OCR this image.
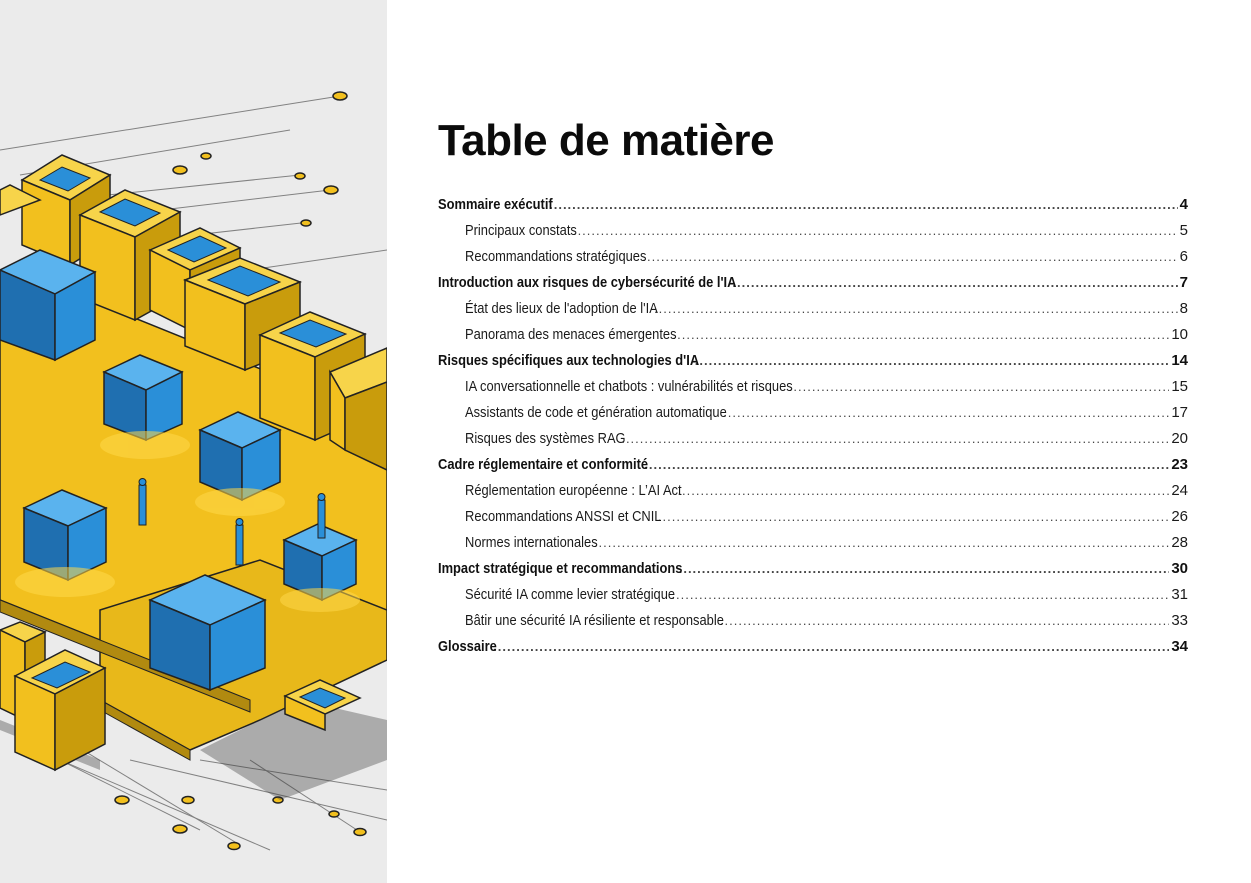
Table de matière
Sommaire exécutif .....	4
Principaux constats .....	5
Recommandations stratégiques .....	6
Introduction aux risques de cybersécurité de l'IA .....	7
État des lieux de l'adoption de l'IA .....	8
Panorama des menaces émergentes .....	10
Risques spécifiques aux technologies d'IA .....	14
IA conversationnelle et chatbots : vulnérabilités et risques .....	15
Assistants de code et génération automatique .....	17
Risques des systèmes RAG .....	20
Cadre réglementaire et conformité .....	23
Réglementation européenne : L’AI Act .....	24
Recommandations ANSSI et CNIL .....	26
Normes internationales .....	28
Impact stratégique et recommandations .....	30
Sécurité IA comme levier stratégique .....	31
Bâtir une sécurité IA résiliente et responsable .....	33
Glossaire .....	34
